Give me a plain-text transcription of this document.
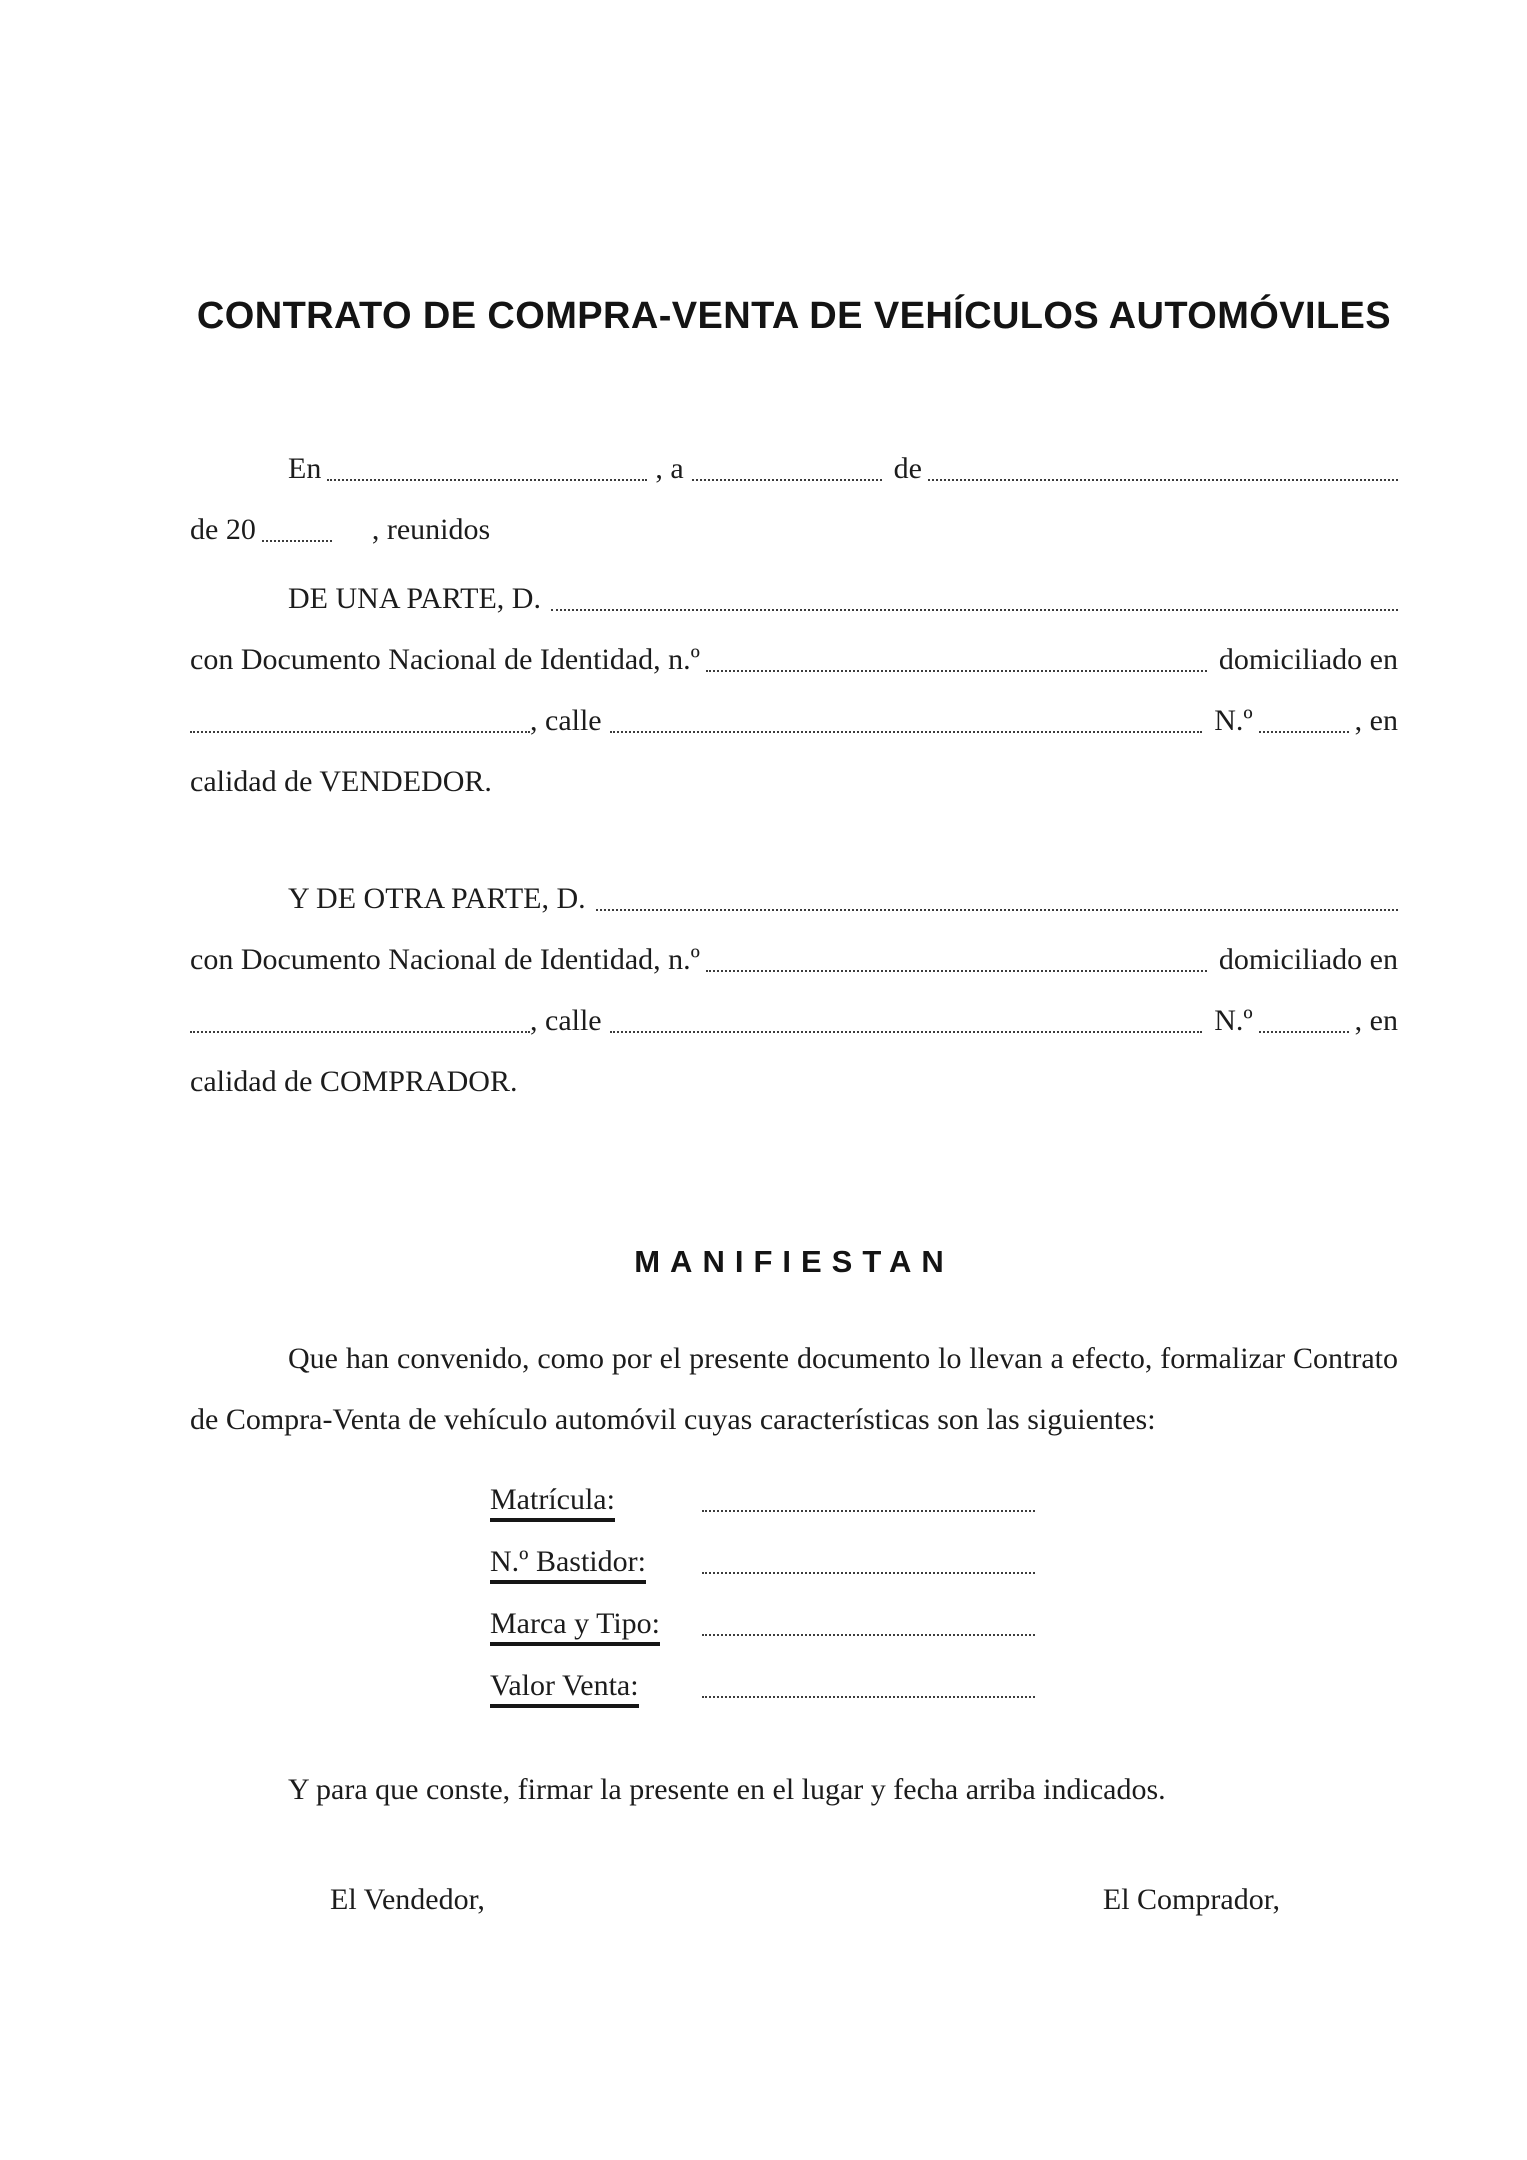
CONTRATO DE COMPRA-VENTA DE VEHÍCULOS AUTOMÓVILES
En	, a	de
de 20	, reunidos
DE UNA PARTE, D.
con Documento Nacional de Identidad, n.º	domiciliado en
, calle	N.º	, en
calidad de VENDEDOR.
Y DE OTRA PARTE, D.
con Documento Nacional de Identidad, n.º	domiciliado en
, calle	N.º	, en
calidad de COMPRADOR.
MANIFIESTAN

Que han convenido, como por el presente documento lo llevan a efecto, formalizar Contrato de Compra-Venta de vehículo automóvil cuyas características son las siguientes:

Matrícula:
N.º Bastidor:
Marca y Tipo:
Valor Venta:
Y para que conste, firmar la presente en el lugar y fecha arriba indicados.
El Vendedor,	El Comprador,
